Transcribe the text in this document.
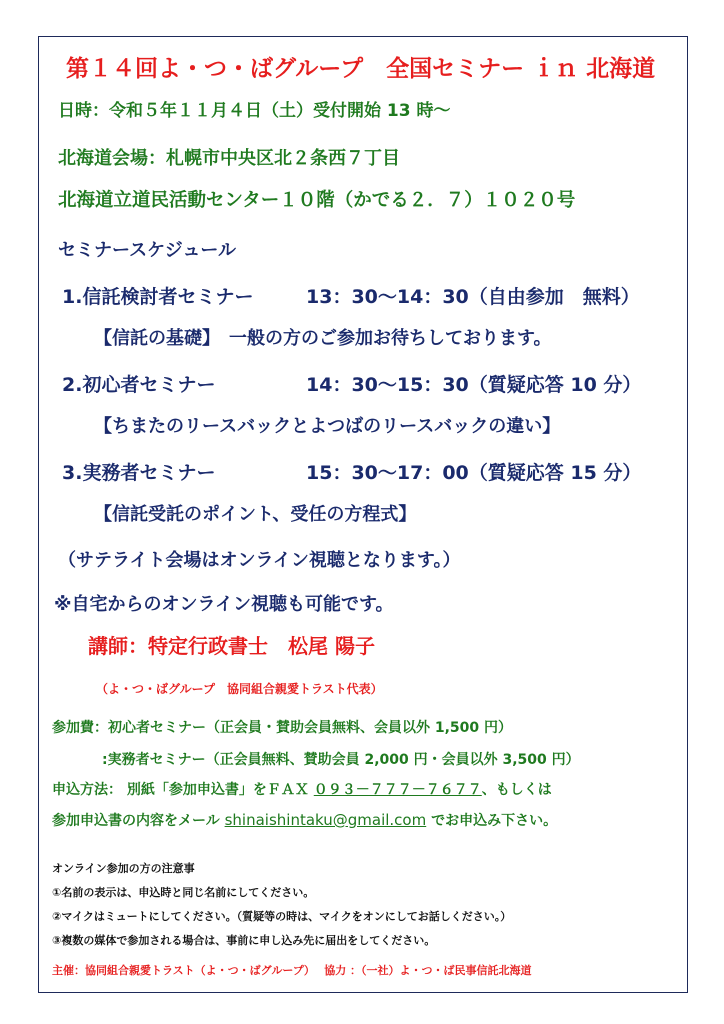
第１４回よ・つ・ばグループ　全国セミナー ｉｎ 北海道
日時：令和５年１１月４日（土）受付開始 13 時～
北海道会場：札幌市中央区北２条西７丁目
北海道立道民活動センター１０階（かでる２．７）１０２０号
セミナースケジュール
1.信託検討者セミナー	13：30～14：30（自由参加　無料）
【信託の基礎】　一般の方のご参加お待ちしております。
2.初心者セミナー	14：30～15：30（質疑応答 10 分）
【ちまたのリースバックとよつばのリースバックの違い】
3.実務者セミナー	15：30～17：00（質疑応答 15 分）
【信託受託のポイント、受任の方程式】
（サテライト会場はオンライン視聴となります。）
※自宅からのオンライン視聴も可能です。
講師：特定行政書士　松尾 陽子
（よ・つ・ばグループ　協同組合親愛トラスト代表）
参加費：初心者セミナー（正会員・賛助会員無料、会員以外 1,500 円）
:実務者セミナー（正会員無料、賛助会員 2,000 円・会員以外 3,500 円）
申込方法： 別紙「参加申込書」をＦＡＸ ０９３－７７７－７６７７、もしくは
参加申込書の内容をメール shinaishintaku@gmail.com でお申込み下さい。
オンライン参加の方の注意事
①名前の表示は、申込時と同じ名前にしてください。
②マイクはミュートにしてください。（質疑等の時は、マイクをオンにしてお話しください。）
③複数の媒体で参加される場合は、事前に申し込み先に届出をしてください。
主催：協同組合親愛トラスト（よ・つ・ばグループ）　 協力 ：（一社）よ・つ・ば民事信託北海道
